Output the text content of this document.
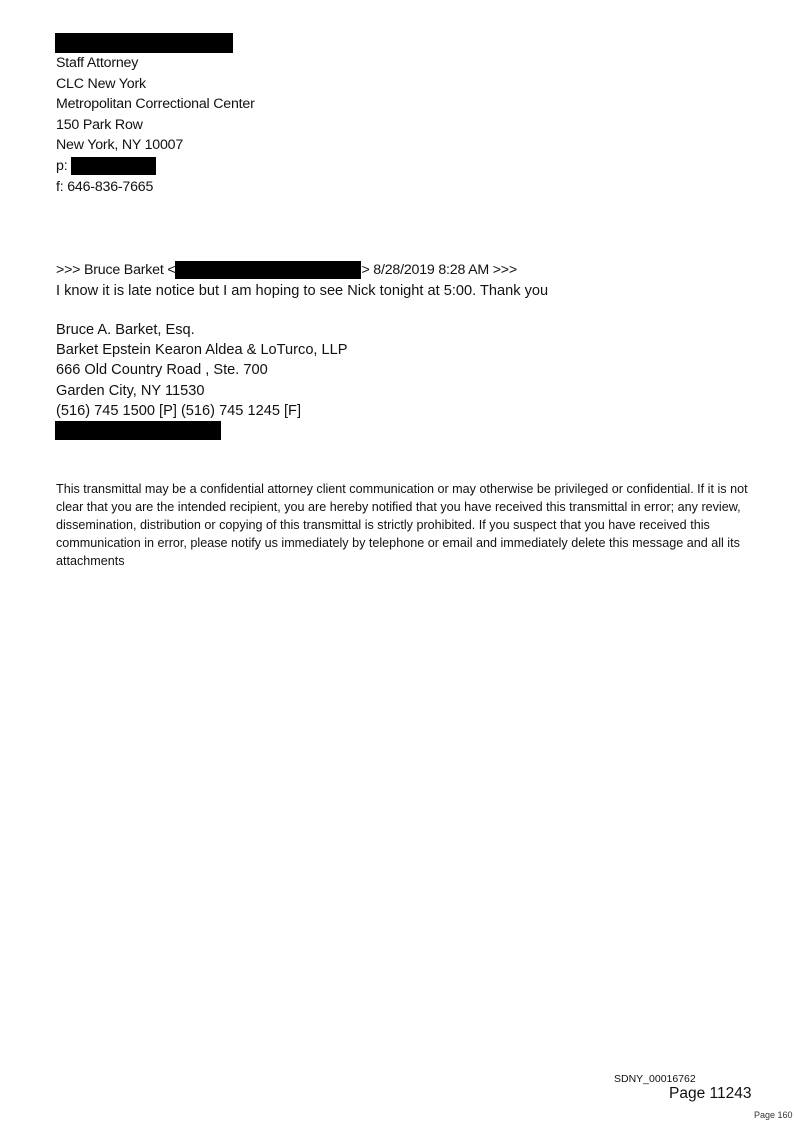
Staff Attorney
CLC New York
Metropolitan Correctional Center
150 Park Row
New York, NY 10007
p:
f: 646-836-7665
>>> Bruce Barket <	> 8/28/2019 8:28 AM >>>
I know it is late notice but I am hoping to see Nick tonight at 5:00. Thank you
Bruce A. Barket, Esq.
Barket Epstein Kearon Aldea & LoTurco, LLP
666 Old Country Road , Ste. 700
Garden City, NY 11530
(516) 745 1500 [P] (516) 745 1245 [F]
This transmittal may be a confidential attorney client communication or may otherwise be privileged or confidential. If it is not clear that you are the intended recipient, you are hereby notified that you have received this transmittal in error; any review, dissemination, distribution or copying of this transmittal is strictly prohibited. If you suspect that you have received this communication in error, please notify us immediately by telephone or email and immediately delete this message and all its attachments
SDNY_00016762
Page 11243
Page 160
